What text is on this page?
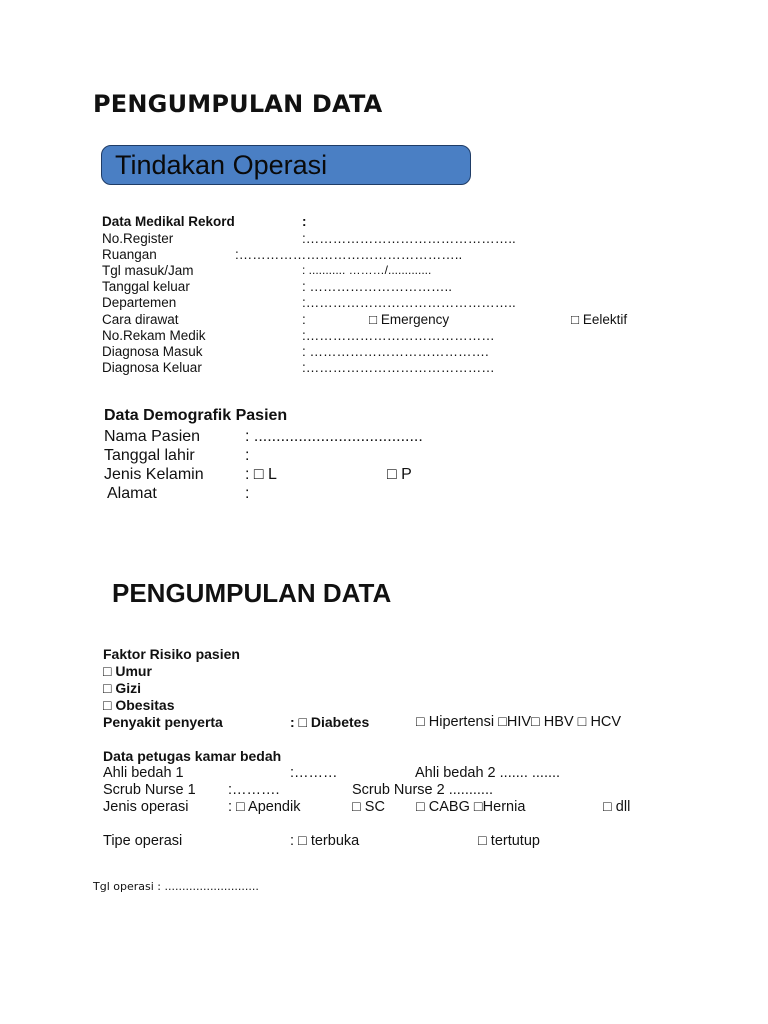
PENGUMPULAN DATA
Tindakan Operasi
Data Medikal Rekord	:
No.Register	:………………………………………..
Ruangan	:…………………………………………..
Tgl masuk/Jam	: ........... ………/.............
Tanggal keluar	: …………………………..
Departemen	:………………………………………..
Cara dirawat	:	□ Emergency	□ Eelektif
No.Rekam Medik	:……………………………………
Diagnosa Masuk	: ………………………………….
Diagnosa Keluar	:……………………………………
Data Demografik Pasien
Nama Pasien	: ......................................
Tanggal lahir	:
Jenis Kelamin	: □ L	□ P
Alamat	:
PENGUMPULAN DATA
Faktor Risiko pasien
□ Umur
□ Gizi
□ Obesitas
Penyakit penyerta	: □ Diabetes	□ Hipertensi □HIV□ HBV □ HCV
Data petugas kamar bedah
Ahli bedah 1	:………	Ahli bedah 2 ....... .......
Scrub Nurse 1 :……….	Scrub Nurse 2 ...........
Jenis operasi	: □ Apendik	□ SC □ CABG □Hernia	□ dll
Tipe operasi	: □ terbuka	□ tertutup
Tgl operasi : ...........................
